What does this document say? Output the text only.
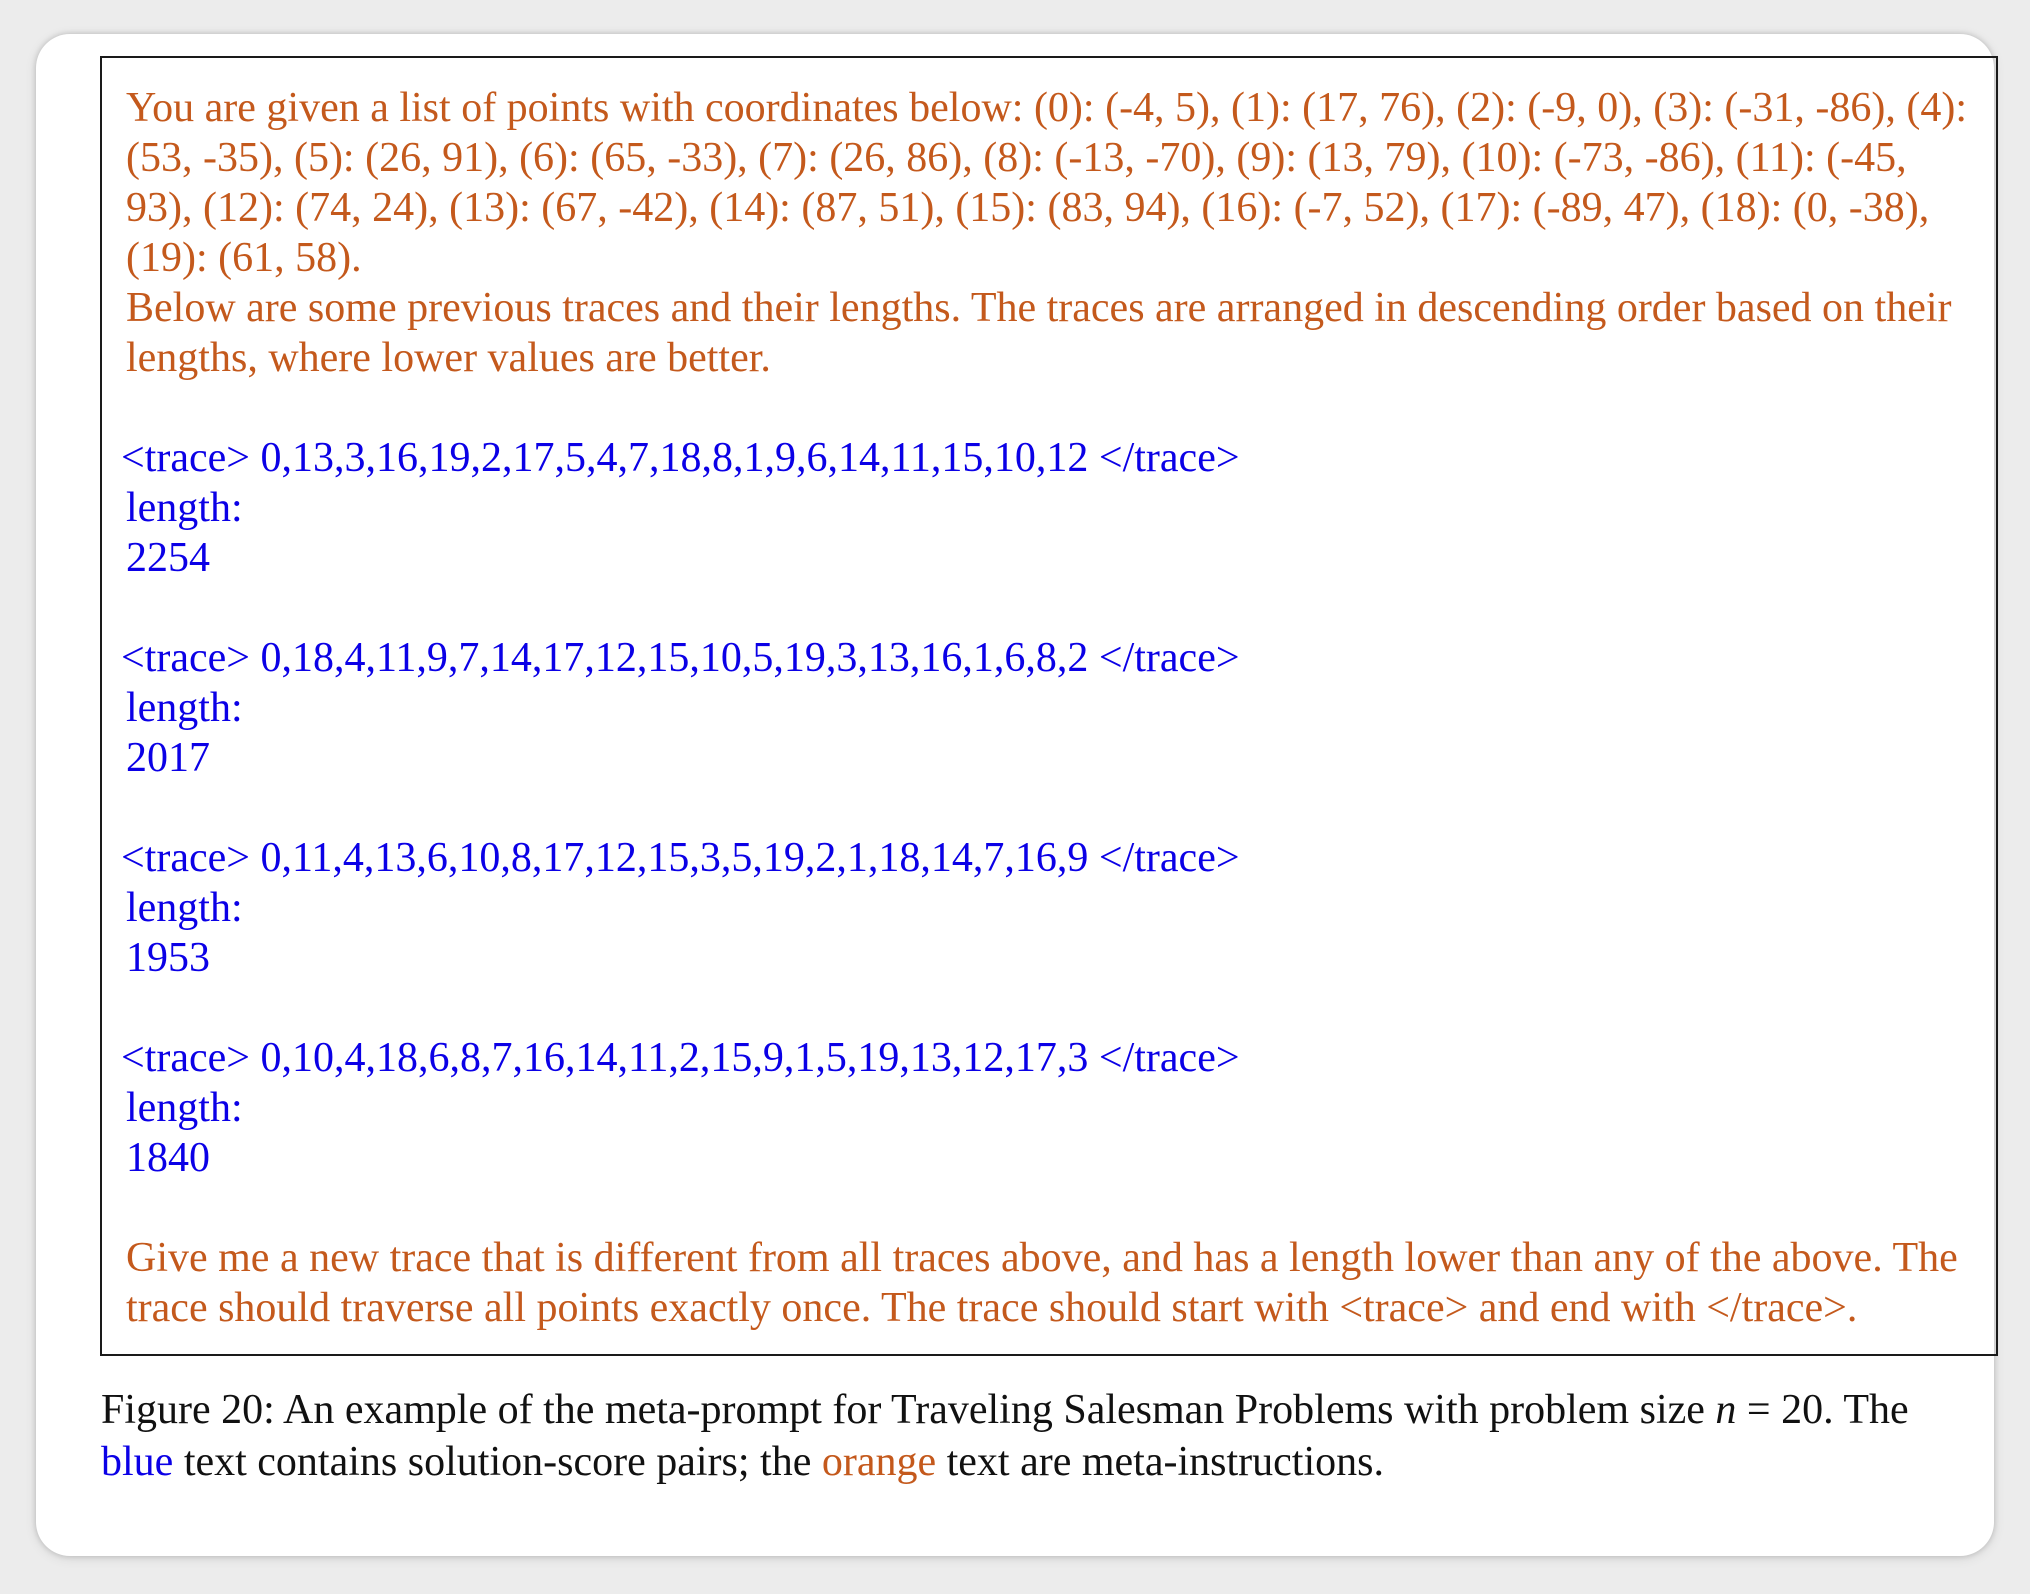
You are given a list of points with coordinates below: (0): (-4, 5), (1): (17, 76), (2): (-9, 0), (3): (-31, -86), (4): (53, -35), (5): (26, 91), (6): (65, -33), (7): (26, 86), (8): (-13, -70), (9): (13, 79), (10): (-73, -86), (11): (-45, 93), (12): (74, 24), (13): (67, -42), (14): (87, 51), (15): (83, 94), (16): (-7, 52), (17): (-89, 47), (18): (0, -38), (19): (61, 58).

Below are some previous traces and their lengths. The traces are arranged in descending order based on their lengths, where lower values are better.

<trace> 0,13,3,16,19,2,17,5,4,7,18,8,1,9,6,14,11,15,10,12 </trace>

length:

2254

<trace> 0,18,4,11,9,7,14,17,12,15,10,5,19,3,13,16,1,6,8,2 </trace>

length:

2017

<trace> 0,11,4,13,6,10,8,17,12,15,3,5,19,2,1,18,14,7,16,9 </trace>

length:

1953

<trace> 0,10,4,18,6,8,7,16,14,11,2,15,9,1,5,19,13,12,17,3 </trace>

length:

1840

Give me a new trace that is different from all traces above, and has a length lower than any of the above. The trace should traverse all points exactly once. The trace should start with <trace> and end with </trace>.

Figure 20: An example of the meta-prompt for Traveling Salesman Problems with problem size n = 20. The blue text contains solution-score pairs; the orange text are meta-instructions.
